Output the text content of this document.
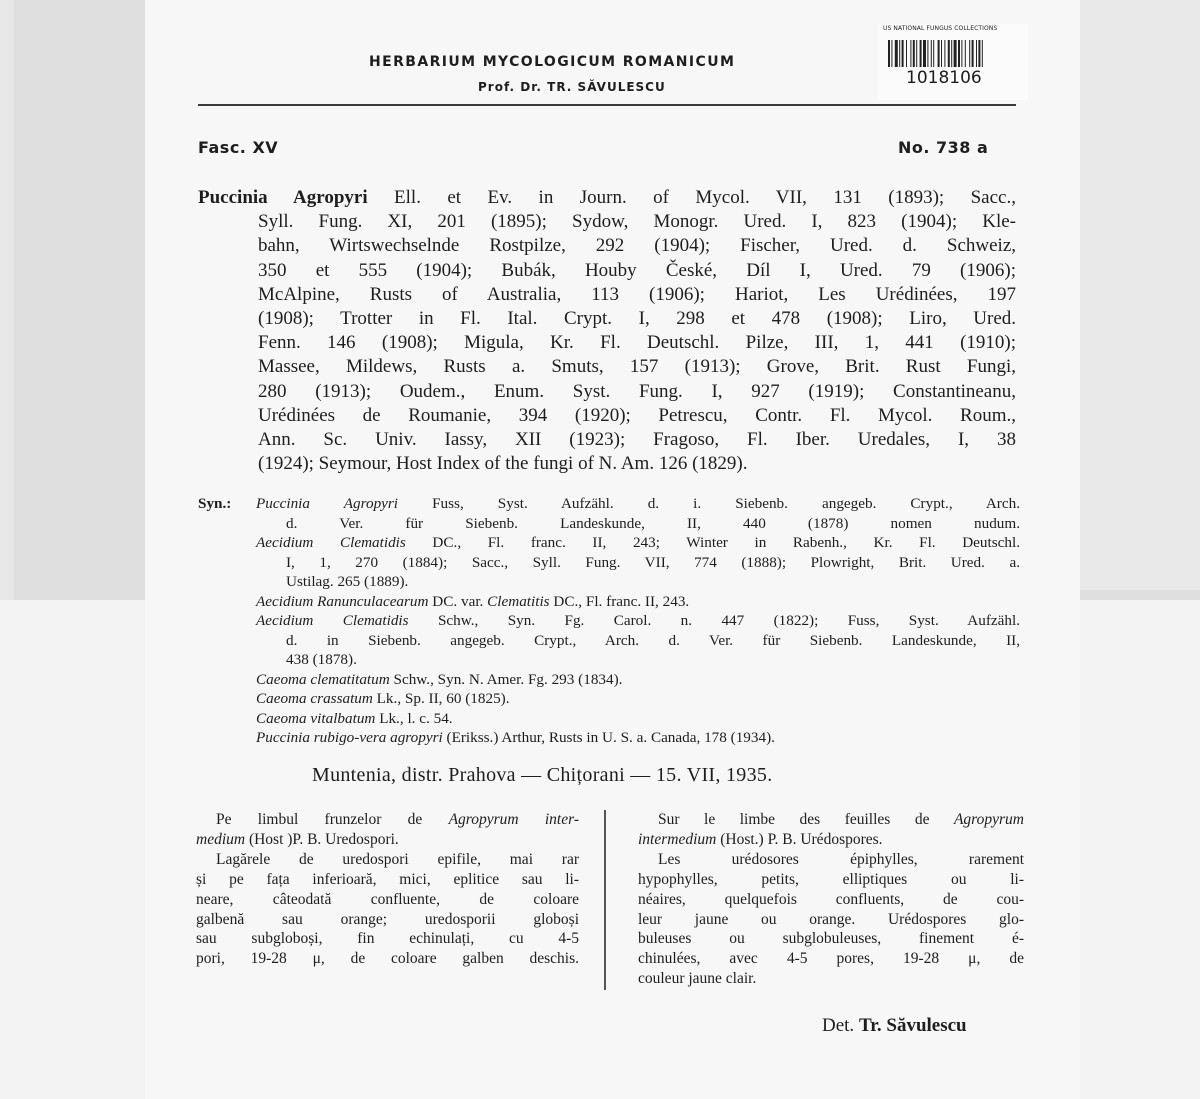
US NATIONAL FUNGUS COLLECTIONS
1018106
HERBARIUM MYCOLOGICUM ROMANICUM
Prof. Dr. TR. SĂVULESCU
Fasc. XV	No. 738 a
Puccinia Agropyri Ell. et Ev. in Journ. of Mycol. VII, 131 (1893); Sacc.,
Syll. Fung. XI, 201 (1895); Sydow, Monogr. Ured. I, 823 (1904); Kle-
bahn, Wirtswechselnde Rostpilze, 292 (1904); Fischer, Ured. d. Schweiz,
350 et 555 (1904); Bubák, Houby České, Díl I, Ured. 79 (1906);
McAlpine, Rusts of Australia, 113 (1906); Hariot, Les Urédinées, 197
(1908); Trotter in Fl. Ital. Crypt. I, 298 et 478 (1908); Liro, Ured.
Fenn. 146 (1908); Migula, Kr. Fl. Deutschl. Pilze, III, 1, 441 (1910);
Massee, Mildews, Rusts a. Smuts, 157 (1913); Grove, Brit. Rust Fungi,
280 (1913); Oudem., Enum. Syst. Fung. I, 927 (1919); Constantineanu,
Urédinées de Roumanie, 394 (1920); Petrescu, Contr. Fl. Mycol. Roum.,
Ann. Sc. Univ. Iassy, XII (1923); Fragoso, Fl. Iber. Uredales, I, 38
(1924); Seymour, Host Index of the fungi of N. Am. 126 (1829).
Syn.: Puccinia Agropyri Fuss, Syst. Aufzähl. d. i. Siebenb. angegeb. Crypt., Arch.
d. Ver. für Siebenb. Landeskunde, II, 440 (1878) nomen nudum.
Aecidium Clematidis DC., Fl. franc. II, 243; Winter in Rabenh., Kr. Fl. Deutschl.
I, 1, 270 (1884); Sacc., Syll. Fung. VII, 774 (1888); Plowright, Brit. Ured. a.
Ustilag. 265 (1889).
Aecidium Ranunculacearum DC. var. Clematitis DC., Fl. franc. II, 243.
Aecidium Clematidis Schw., Syn. Fg. Carol. n. 447 (1822); Fuss, Syst. Aufzähl.
d. in Siebenb. angegeb. Crypt., Arch. d. Ver. für Siebenb. Landeskunde, II,
438 (1878).
Caeoma clematitatum Schw., Syn. N. Amer. Fg. 293 (1834).
Caeoma crassatum Lk., Sp. II, 60 (1825).
Caeoma vitalbatum Lk., l. c. 54.
Puccinia rubigo-vera agropyri (Erikss.) Arthur, Rusts in U. S. a. Canada, 178 (1934).
Muntenia, distr. Prahova — Chițorani — 15. VII, 1935.
Pe limbul frunzelor de Agropyrum inter-
medium (Host )P. B. Uredospori.
Lagărele de uredospori epifile, mai rar
și pe fața inferioară, mici, eplitice sau li-
neare, câteodată confluente, de coloare
galbenă sau orange; uredosporii globoși
sau subgloboși, fin echinulați, cu 4-5
pori, 19-28 μ, de coloare galben deschis.
Sur le limbe des feuilles de Agropyrum
intermedium (Host.) P. B. Urédospores.
Les urédosores épiphylles, rarement
hypophylles, petits, elliptiques ou li-
néaires, quelquefois confluents, de cou-
leur jaune ou orange. Urédospores glo-
buleuses ou subglobuleuses, finement é-
chinulées, avec 4-5 pores, 19-28 μ, de
couleur jaune clair.
Det. Tr. Săvulescu
